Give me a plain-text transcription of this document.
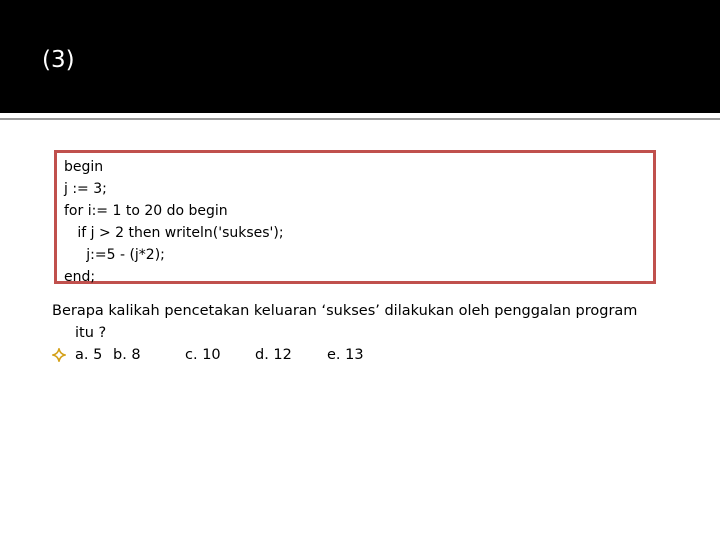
(3)
begin
j := 3;
for i:= 1 to 20 do begin
if j > 2 then writeln('sukses');
j:=5 - (j*2);
end;
Berapa kalikah pencetakan keluaran ‘sukses’ dilakukan oleh penggalan program
itu ?
a. 5 b. 8	c. 10 d. 12 e. 13
